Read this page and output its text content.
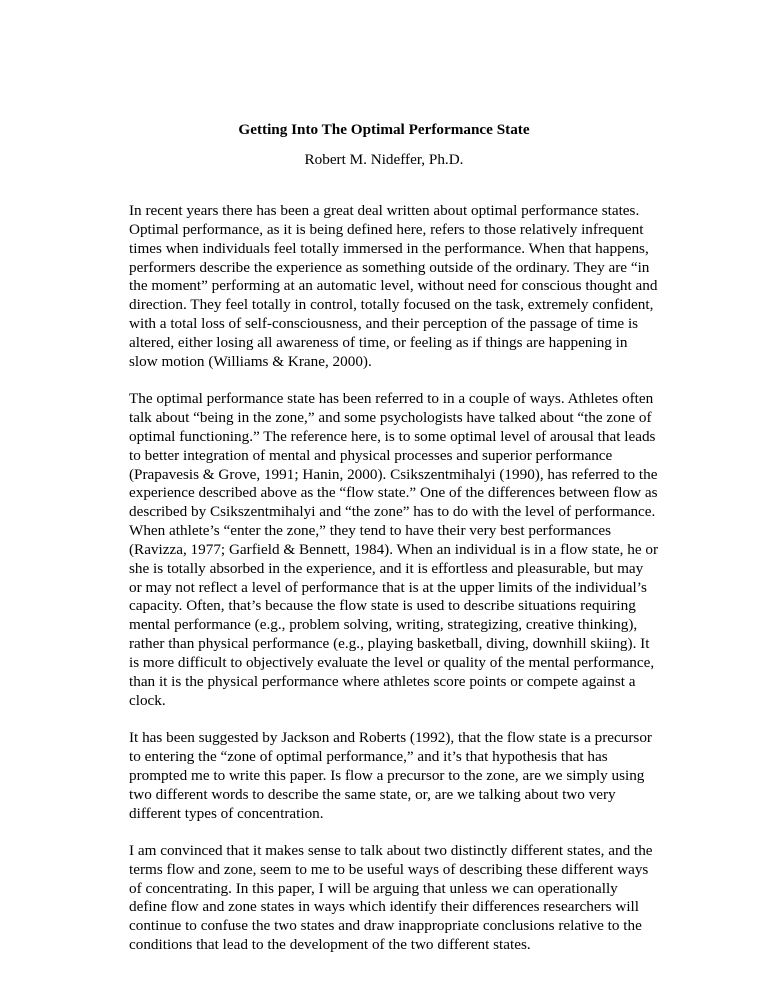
Getting Into The Optimal Performance State
Robert M. Nideffer, Ph.D.

In recent years there has been a great deal written about optimal performance states. Optimal performance, as it is being defined here, refers to those relatively infrequent times when individuals feel totally immersed in the performance. When that happens, performers describe the experience as something outside of the ordinary. They are “in the moment” performing at an automatic level, without need for conscious thought and direction. They feel totally in control, totally focused on the task, extremely confident, with a total loss of self-consciousness, and their perception of the passage of time is altered, either losing all awareness of time, or feeling as if things are happening in slow motion (Williams & Krane, 2000).

The optimal performance state has been referred to in a couple of ways. Athletes often talk about “being in the zone,” and some psychologists have talked about “the zone of optimal functioning.” The reference here, is to some optimal level of arousal that leads to better integration of mental and physical processes and superior performance (Prapavesis & Grove, 1991; Hanin, 2000). Csikszentmihalyi (1990), has referred to the experience described above as the “flow state.” One of the differences between flow as described by Csikszentmihalyi and “the zone” has to do with the level of performance. When athlete’s “enter the zone,” they tend to have their very best performances (Ravizza, 1977; Garfield & Bennett, 1984). When an individual is in a flow state, he or she is totally absorbed in the experience, and it is effortless and pleasurable, but may or may not reflect a level of performance that is at the upper limits of the individual’s capacity. Often, that’s because the flow state is used to describe situations requiring mental performance (e.g., problem solving, writing, strategizing, creative thinking), rather than physical performance (e.g., playing basketball, diving, downhill skiing). It is more difficult to objectively evaluate the level or quality of the mental performance, than it is the physical performance where athletes score points or compete against a clock.

It has been suggested by Jackson and Roberts (1992), that the flow state is a precursor to entering the “zone of optimal performance,” and it’s that hypothesis that has prompted me to write this paper. Is flow a precursor to the zone, are we simply using two different words to describe the same state, or, are we talking about two very different types of concentration.

I am convinced that it makes sense to talk about two distinctly different states, and the terms flow and zone, seem to me to be useful ways of describing these different ways of concentrating. In this paper, I will be arguing that unless we can operationally define flow and zone states in ways which identify their differences researchers will continue to confuse the two states and draw inappropriate conclusions relative to the conditions that lead to the development of the two different states.
